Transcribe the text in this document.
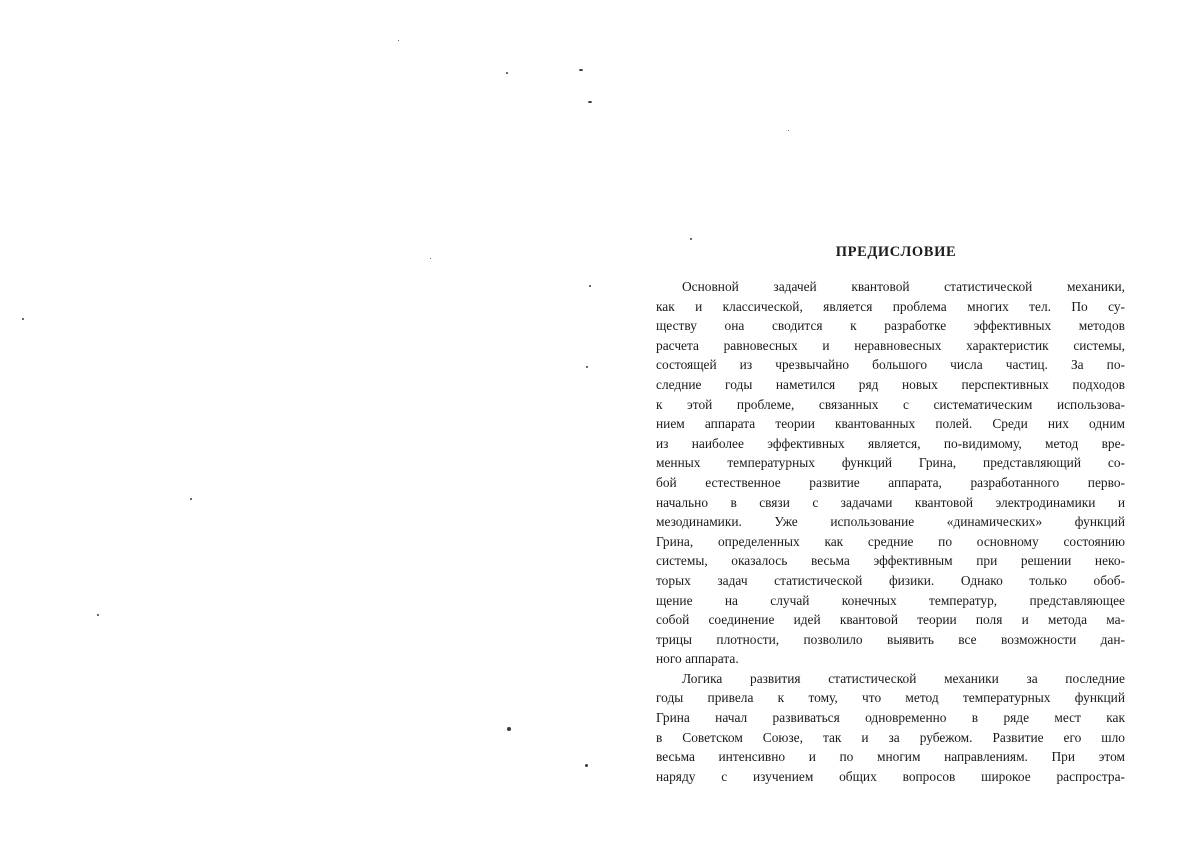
ПРЕДИСЛОВИЕ

Основной задачей квантовой статистической механики,
как и классической, является проблема многих тел. По су-
ществу она сводится к разработке эффективных методов
расчета равновесных и неравновесных характеристик системы,
состоящей из чрезвычайно большого числа частиц. За по-
следние годы наметился ряд новых перспективных подходов
к этой проблеме, связанных с систематическим использова-
нием аппарата теории квантованных полей. Среди них одним
из наиболее эффективных является, по-видимому, метод вре-
менных температурных функций Грина, представляющий со-
бой естественное развитие аппарата, разработанного перво-
начально в связи с задачами квантовой электродинамики и
мезодинамики. Уже использование «динамических» функций
Грина, определенных как средние по основному состоянию
системы, оказалось весьма эффективным при решении неко-
торых задач статистической физики. Однако только обоб-
щение на случай конечных температур, представляющее
собой соединение идей квантовой теории поля и метода ма-
трицы плотности, позволило выявить все возможности дан-
ного аппарата.

Логика развития статистической механики за последние
годы привела к тому, что метод температурных функций
Грина начал развиваться одновременно в ряде мест как
в Советском Союзе, так и за рубежом. Развитие его шло
весьма интенсивно и по многим направлениям. При этом
наряду с изучением общих вопросов широкое распростра-
